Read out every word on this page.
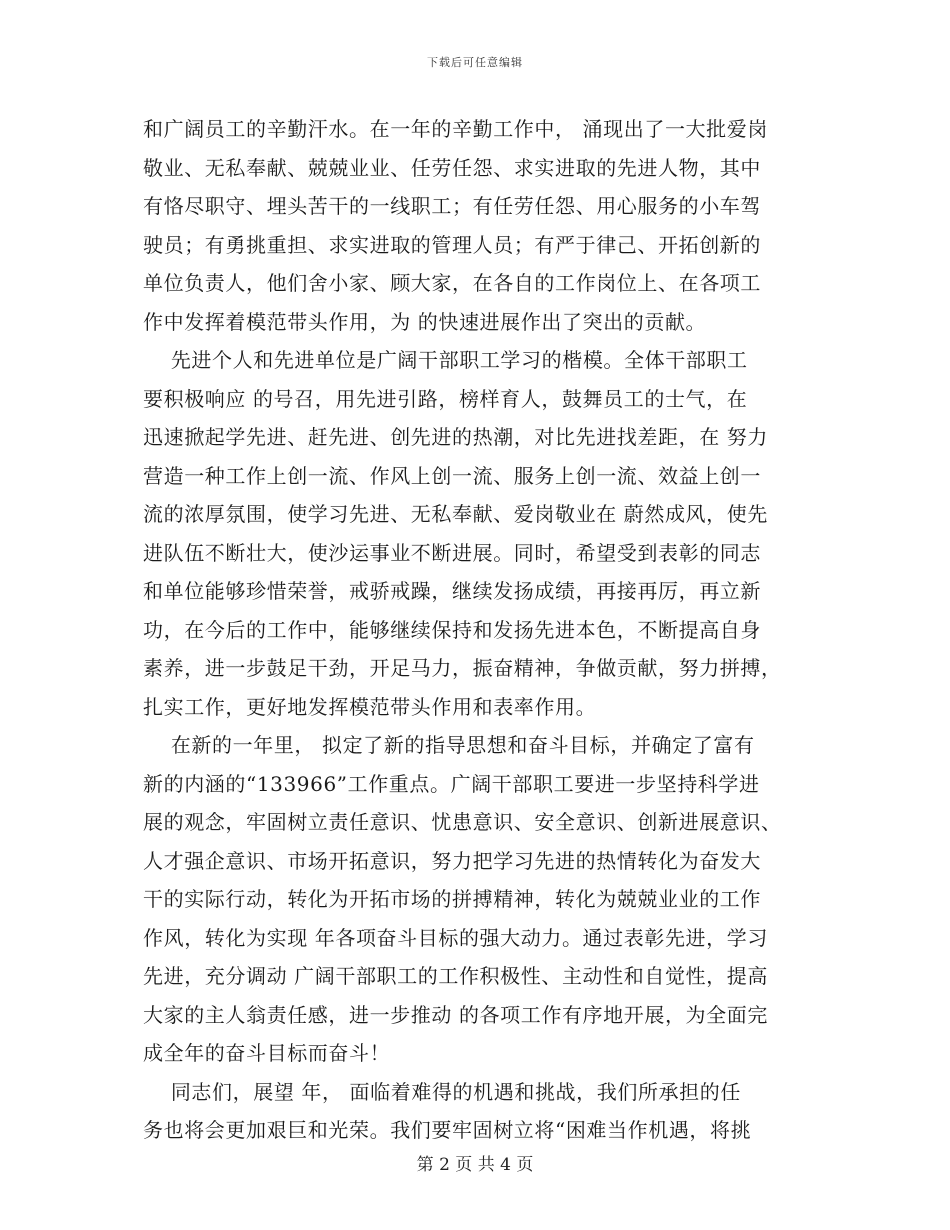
下载后可任意编辑
和广阔员工的辛勤汗水。在一年的辛勤工作中， 涌现出了一大批爱岗
敬业、无私奉献、兢兢业业、任劳任怨、求实进取的先进人物，其中
有恪尽职守、埋头苦干的一线职工；有任劳任怨、用心服务的小车驾
驶员；有勇挑重担、求实进取的管理人员；有严于律己、开拓创新的
单位负责人，他们舍小家、顾大家，在各自的工作岗位上、在各项工
作中发挥着模范带头作用，为 的快速进展作出了突出的贡献。
先进个人和先进单位是广阔干部职工学习的楷模。全体干部职工
要积极响应 的号召，用先进引路，榜样育人，鼓舞员工的士气，在
迅速掀起学先进、赶先进、创先进的热潮，对比先进找差距，在 努力
营造一种工作上创一流、作风上创一流、服务上创一流、效益上创一
流的浓厚氛围，使学习先进、无私奉献、爱岗敬业在 蔚然成风，使先
进队伍不断壮大，使沙运事业不断进展。同时，希望受到表彰的同志
和单位能够珍惜荣誉，戒骄戒躁，继续发扬成绩，再接再厉，再立新
功，在今后的工作中，能够继续保持和发扬先进本色，不断提高自身
素养，进一步鼓足干劲，开足马力，振奋精神，争做贡献，努力拼搏，
扎实工作，更好地发挥模范带头作用和表率作用。
在新的一年里， 拟定了新的指导思想和奋斗目标，并确定了富有
新的内涵的“133966”工作重点。广阔干部职工要进一步坚持科学进
展的观念，牢固树立责任意识、忧患意识、安全意识、创新进展意识、
人才强企意识、市场开拓意识，努力把学习先进的热情转化为奋发大
干的实际行动，转化为开拓市场的拼搏精神，转化为兢兢业业的工作
作风，转化为实现 年各项奋斗目标的强大动力。通过表彰先进，学习
先进，充分调动 广阔干部职工的工作积极性、主动性和自觉性，提高
大家的主人翁责任感，进一步推动 的各项工作有序地开展，为全面完
成全年的奋斗目标而奋斗！
同志们，展望 年， 面临着难得的机遇和挑战，我们所承担的任
务也将会更加艰巨和光荣。我们要牢固树立将“困难当作机遇，将挑
第 2 页 共 4 页
